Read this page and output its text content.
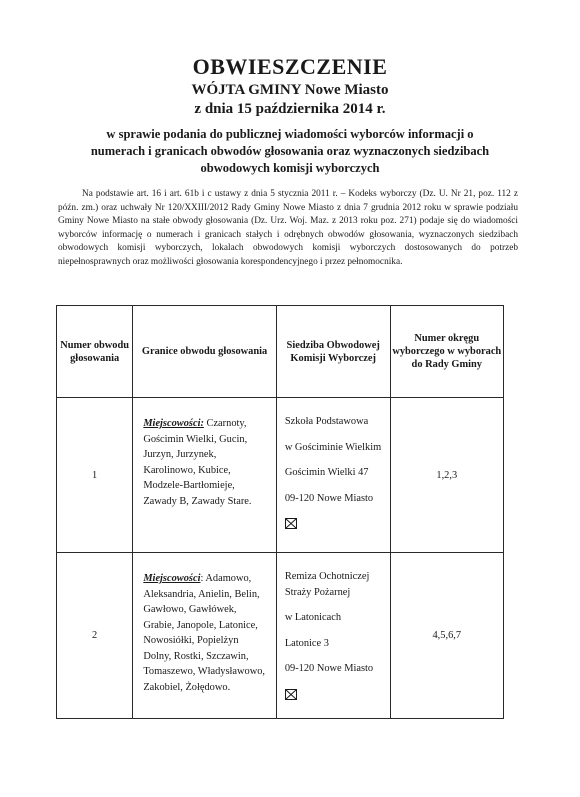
OBWIESZCZENIE
WÓJTA GMINY Nowe Miasto
z dnia 15 października 2014 r.
w sprawie podania do publicznej wiadomości wyborców informacji o
numerach i granicach obwodów głosowania oraz wyznaczonych siedzibach
obwodowych komisji wyborczych
Na podstawie art. 16 i art. 61b i c ustawy z dnia 5 stycznia 2011 r. – Kodeks wyborczy (Dz. U. Nr 21, poz. 112 z późn. zm.) oraz uchwały Nr 120/XXIII/2012 Rady Gminy Nowe Miasto z dnia 7 grudnia 2012 roku w sprawie podziału Gminy Nowe Miasto na stałe obwody głosowania (Dz. Urz. Woj. Maz. z 2013 roku poz. 271) podaje się do wiadomości wyborców informację o numerach i granicach stałych i odrębnych obwodów głosowania, wyznaczonych siedzibach obwodowych komisji wyborczych, lokalach obwodowych komisji wyborczych dostosowanych do potrzeb niepełnosprawnych oraz możliwości głosowania korespondencyjnego i przez pełnomocnika.
Numer obwodu głosowania	Granice obwodu głosowania	Siedziba Obwodowej Komisji Wyborczej	Numer okręgu wyborczego w wyborach do Rady Gminy
1	Miejscowości: Czarnoty, Gościmin Wielki, Gucin, Jurzyn, Jurzynek, Karolinowo, Kubice, Modzele-Bartłomieje, Zawady B, Zawady Stare.	Szkoła Podstawowa

w Gościminie Wielkim

Gościmin Wielki 47

09-120 Nowe Miasto	1,2,3
2	Miejscowości: Adamowo, Aleksandria, Anielin, Belin, Gawłowo, Gawłówek, Grabie, Janopole, Latonice, Nowosiółki, Popielżyn Dolny, Rostki, Szczawin, Tomaszewo, Władysławowo, Zakobiel, Żołędowo.	Remiza Ochotniczej Straży Pożarnej

w Latonicach

Latonice 3

09-120 Nowe Miasto	4,5,6,7
